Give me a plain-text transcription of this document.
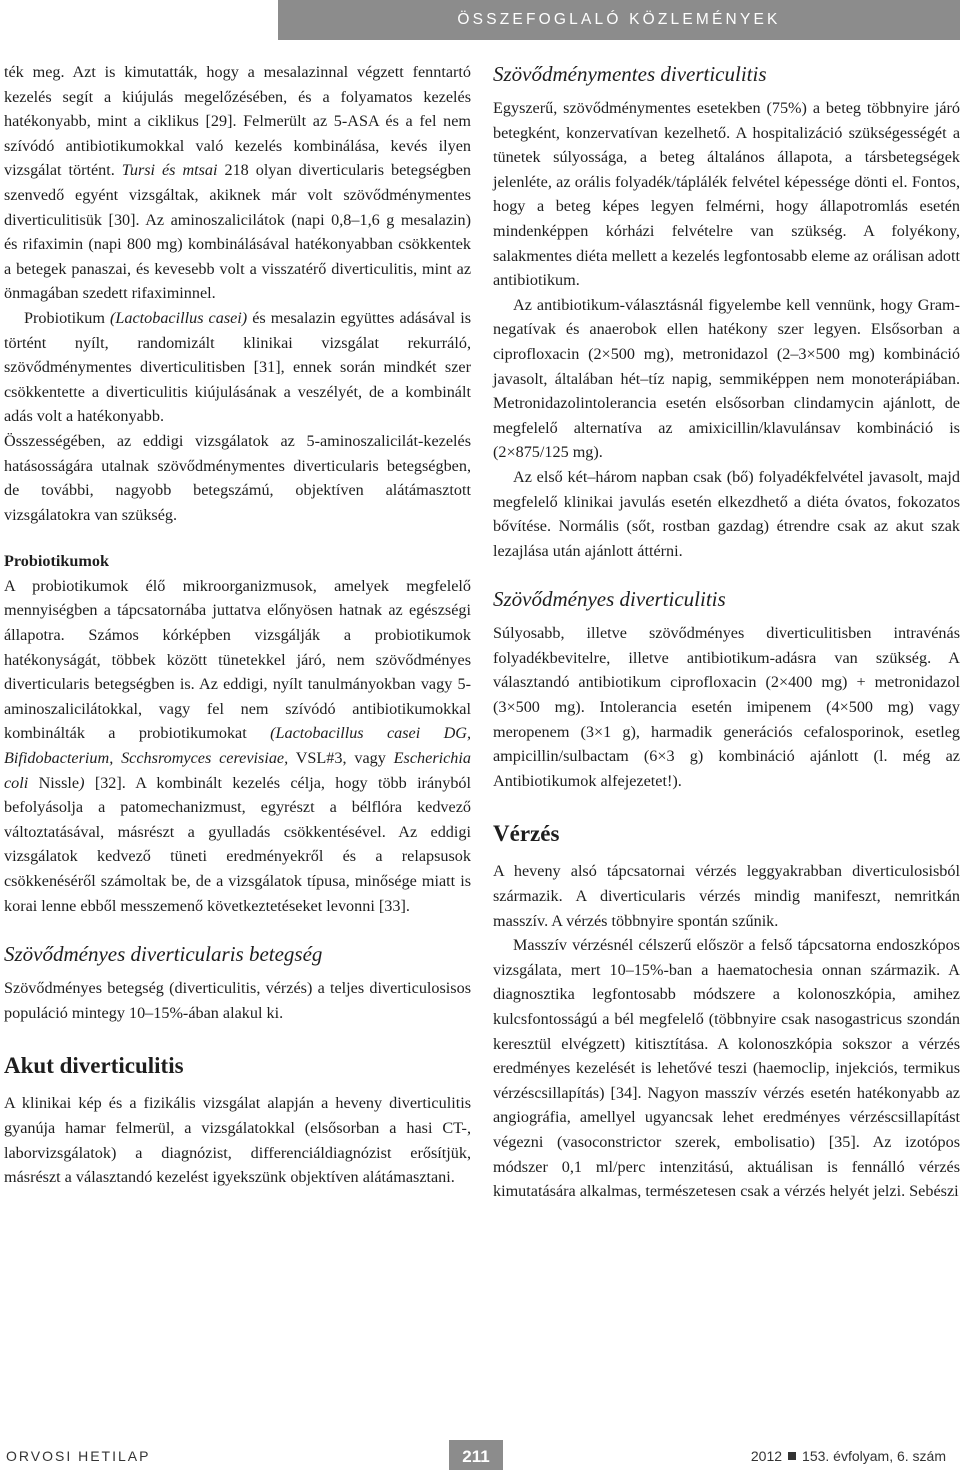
ÖSSZEFOGLALÓ KÖZLEMÉNYEK

ték meg. Azt is kimutatták, hogy a mesalazinnal végzett fenntartó kezelés segít a kiújulás megelőzésében, és a folyamatos kezelés hatékonyabb, mint a ciklikus [29]. Felmerült az 5-ASA és a fel nem szívódó antibiotikumokkal való kezelés kombinálása, kevés ilyen vizsgálat történt. Tursi és mtsai 218 olyan diverticularis betegségben szenvedő egyént vizsgáltak, akiknek már volt szövődménymentes diverticulitisük [30]. Az aminoszalicilátok (napi 0,8–1,6 g mesalazin) és rifaximin (napi 800 mg) kombinálásával hatékonyabban csökkentek a betegek panaszai, és kevesebb volt a visszatérő diverticulitis, mint az önmagában szedett rifaximinnel.

Probiotikum (Lactobacillus casei) és mesalazin együttes adásával is történt nyílt, randomizált klinikai vizsgálat rekurráló, szövődménymentes diverticulitisben [31], ennek során mindkét szer csökkentette a diverticulitis kiújulásának a veszélyét, de a kombinált adás volt a hatékonyabb.

Összességében, az eddigi vizsgálatok az 5-aminoszalicilát-kezelés hatásosságára utalnak szövődménymentes diverticularis betegségben, de további, nagyobb betegszámú, objektíven alátámasztott vizsgálatokra van szükség.

Probiotikumok

A probiotikumok élő mikroorganizmusok, amelyek megfelelő mennyiségben a tápcsatornába juttatva előnyösen hatnak az egészségi állapotra. Számos kórképben vizsgálják a probiotikumok hatékonyságát, többek között tünetekkel járó, nem szövődményes diverticularis betegségben is. Az eddigi, nyílt tanulmányokban vagy 5-aminoszalicilátokkal, vagy fel nem szívódó antibiotikumokkal kombinálták a probiotikumokat (Lactobacillus casei DG, Bifidobacterium, Scchsromyces cerevisiae, VSL#3, vagy Escherichia coli Nissle) [32]. A kombinált kezelés célja, hogy több irányból befolyásolja a patomechanizmust, egyrészt a bélflóra kedvező változtatásával, másrészt a gyulladás csökkentésével. Az eddigi vizsgálatok kedvező tüneti eredményekről és a relapsusok csökkenéséről számoltak be, de a vizsgálatok típusa, minősége miatt is korai lenne ebből messzemenő következtetéseket levonni [33].

Szövődményes diverticularis betegség

Szövődményes betegség (diverticulitis, vérzés) a teljes diverticulosisos populáció mintegy 10–15%-ában alakul ki.

Akut diverticulitis

A klinikai kép és a fizikális vizsgálat alapján a heveny diverticulitis gyanúja hamar felmerül, a vizsgálatokkal (elsősorban a hasi CT-, laborvizsgálatok) a diagnózist, differenciáldiagnózist erősítjük, másrészt a választandó kezelést igyekszünk objektíven alátámasztani.

Szövődménymentes diverticulitis

Egyszerű, szövődménymentes esetekben (75%) a beteg többnyire járó betegként, konzervatívan kezelhető. A hospitalizáció szükségességét a tünetek súlyossága, a beteg általános állapota, a társbetegségek jelenléte, az orális folyadék/táplálék felvétel képessége dönti el. Fontos, hogy a beteg képes legyen felmérni, hogy állapotromlás esetén mindenképpen kórházi felvételre van szükség. A folyékony, salakmentes diéta mellett a kezelés legfontosabb eleme az orálisan adott antibiotikum.

Az antibiotikum-választásnál figyelembe kell vennünk, hogy Gram-negatívak és anaerobok ellen hatékony szer legyen. Elsősorban a ciprofloxacin (2×500 mg), metronidazol (2–3×500 mg) kombináció javasolt, általában hét–tíz napig, semmiképpen nem monoterápiában. Metronidazolintolerancia esetén elsősorban clindamycin ajánlott, de megfelelő alternatíva az amixicillin/klavulánsav kombináció is (2×875/125 mg).

Az első két–három napban csak (bő) folyadékfelvétel javasolt, majd megfelelő klinikai javulás esetén elkezdhető a diéta óvatos, fokozatos bővítése. Normális (sőt, rostban gazdag) étrendre csak az akut szak lezajlása után ajánlott áttérni.

Szövődményes diverticulitis

Súlyosabb, illetve szövődményes diverticulitisben intravénás folyadékbevitelre, illetve antibiotikum-adásra van szükség. A választandó antibiotikum ciprofloxacin (2×400 mg) + metronidazol (3×500 mg). Intolerancia esetén imipenem (4×500 mg) vagy meropenem (3×1 g), harmadik generációs cefalosporinok, esetleg ampicillin/sulbactam (6×3 g) kombináció ajánlott (l. még az Antibiotikumok alfejezetet!).

Vérzés

A heveny alsó tápcsatornai vérzés leggyakrabban diverticulosisból származik. A diverticularis vérzés mindig manifeszt, nemritkán masszív. A vérzés többnyire spontán szűnik.

Masszív vérzésnél célszerű először a felső tápcsatorna endoszkópos vizsgálata, mert 10–15%-ban a haematochesia onnan származik. A diagnosztika legfontosabb módszere a kolonoszkópia, amihez kulcsfontosságú a bél megfelelő (többnyire csak nasogastricus szondán keresztül elvégzett) kitisztítása. A kolonoszkópia sokszor a vérzés eredményes kezelését is lehetővé teszi (haemoclip, injekciós, termikus vérzéscsillapítás) [34]. Nagyon masszív vérzés esetén hatékonyabb az angiográfia, amellyel ugyancsak lehet eredményes vérzéscsillapítást végezni (vasoconstrictor szerek, embolisatio) [35]. Az izotópos módszer 0,1 ml/perc intenzitású, aktuálisan is fennálló vérzés kimutatására alkalmas, természetesen csak a vérzés helyét jelzi. Sebészi

ORVOSI HETILAP	211	2012 153. évfolyam, 6. szám
